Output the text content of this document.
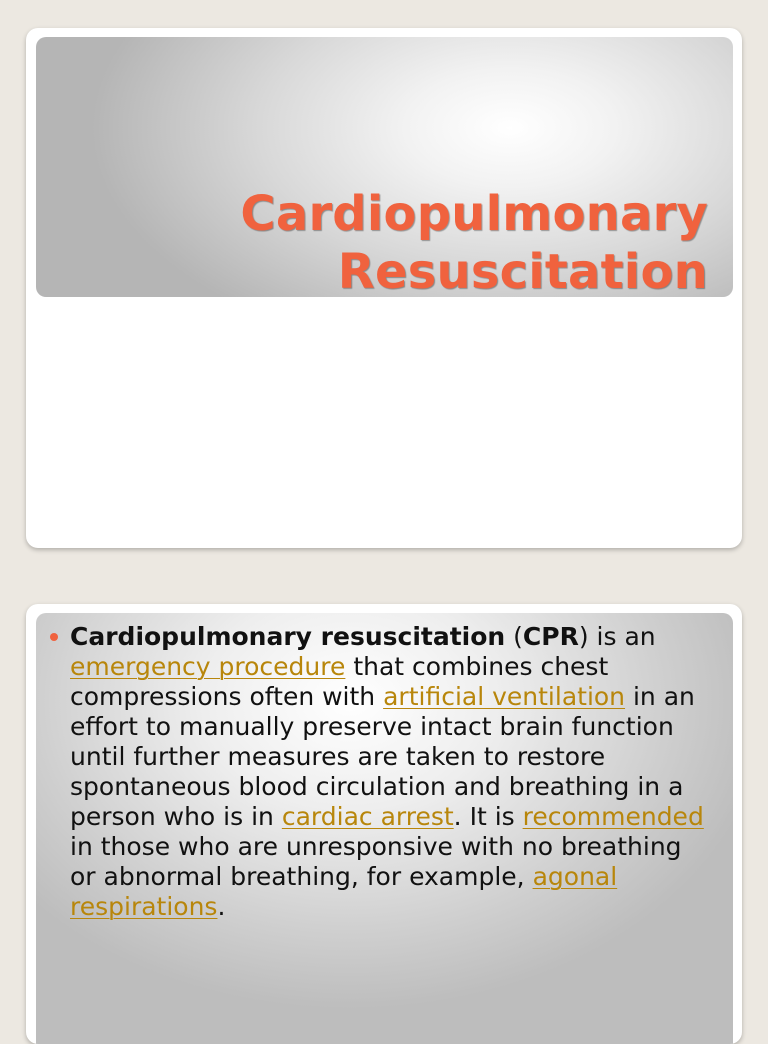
Cardiopulmonary
Resuscitation
Cardiopulmonary resuscitation (CPR) is an emergency procedure that combines chest compressions often with artificial ventilation in an effort to manually preserve intact brain function until further measures are taken to restore spontaneous blood circulation and breathing in a person who is in cardiac arrest. It is recommended in those who are unresponsive with no breathing or abnormal breathing, for example, agonal respirations.
